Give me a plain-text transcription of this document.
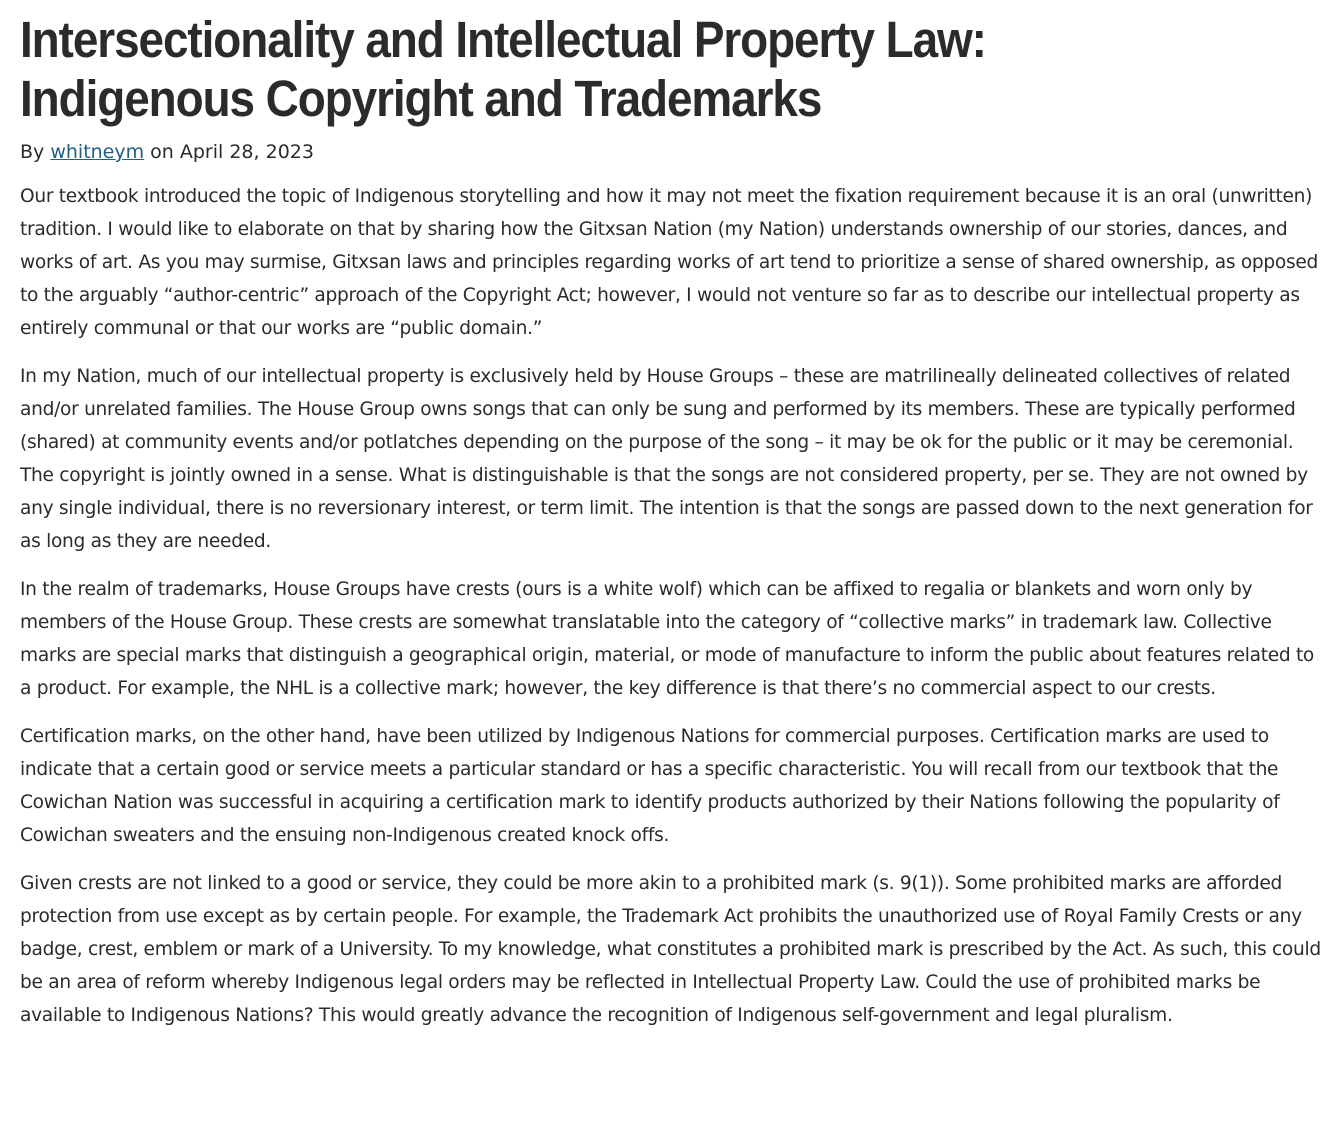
Intersectionality and Intellectual Property Law:
Indigenous Copyright and Trademarks
By whitneym on April 28, 2023

Our textbook introduced the topic of Indigenous storytelling and how it may not meet the fixation requirement because it is an oral (unwritten) tradition. I would like to elaborate on that by sharing how the Gitxsan Nation (my Nation) understands ownership of our stories, dances, and works of art. As you may surmise, Gitxsan laws and principles regarding works of art tend to prioritize a sense of shared ownership, as opposed to the arguably “author-centric” approach of the Copyright Act; however, I would not venture so far as to describe our intellectual property as entirely communal or that our works are “public domain.”

In my Nation, much of our intellectual property is exclusively held by House Groups – these are matrilineally delineated collectives of related and/or unrelated families. The House Group owns songs that can only be sung and performed by its members. These are typically performed (shared) at community events and/or potlatches depending on the purpose of the song – it may be ok for the public or it may be ceremonial. The copyright is jointly owned in a sense. What is distinguishable is that the songs are not considered property, per se. They are not owned by any single individual, there is no reversionary interest, or term limit. The intention is that the songs are passed down to the next generation for as long as they are needed.

In the realm of trademarks, House Groups have crests (ours is a white wolf) which can be affixed to regalia or blankets and worn only by members of the House Group. These crests are somewhat translatable into the category of “collective marks” in trademark law. Collective marks are special marks that distinguish a geographical origin, material, or mode of manufacture to inform the public about features related to a product. For example, the NHL is a collective mark; however, the key difference is that there’s no commercial aspect to our crests.

Certification marks, on the other hand, have been utilized by Indigenous Nations for commercial purposes. Certification marks are used to indicate that a certain good or service meets a particular standard or has a specific characteristic. You will recall from our textbook that the Cowichan Nation was successful in acquiring a certification mark to identify products authorized by their Nations following the popularity of Cowichan sweaters and the ensuing non-Indigenous created knock offs.

Given crests are not linked to a good or service, they could be more akin to a prohibited mark (s. 9(1)). Some prohibited marks are afforded protection from use except as by certain people. For example, the Trademark Act prohibits the unauthorized use of Royal Family Crests or any badge, crest, emblem or mark of a University. To my knowledge, what constitutes a prohibited mark is prescribed by the Act. As such, this could be an area of reform whereby Indigenous legal orders may be reflected in Intellectual Property Law. Could the use of prohibited marks be available to Indigenous Nations? This would greatly advance the recognition of Indigenous self-government and legal pluralism.
